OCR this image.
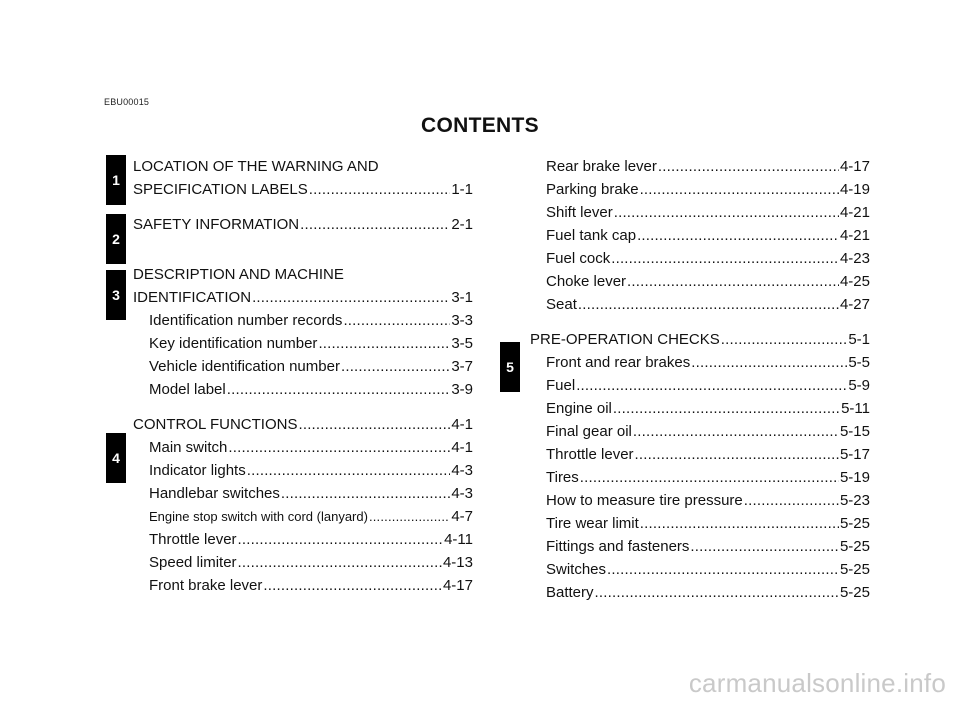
EBU00015
CONTENTS
1
2
3
4
5
LOCATION OF THE WARNING AND
SPECIFICATION LABELS .....	1-1
SAFETY INFORMATION .....	2-1
DESCRIPTION AND MACHINE
IDENTIFICATION .....	3-1
Identification number records .....	3-3
Key identification number .....	3-5
Vehicle identification number .....	3-7
Model label .....	3-9
CONTROL FUNCTIONS .....	4-1
Main switch .....	4-1
Indicator lights .....	4-3
Handlebar switches .....	4-3
Engine stop switch with cord (lanyard) .....	4-7
Throttle lever .....	4-11
Speed limiter .....	4-13
Front brake lever .....	4-17
Rear brake lever .....	4-17
Parking brake .....	4-19
Shift lever .....	4-21
Fuel tank cap .....	4-21
Fuel cock .....	4-23
Choke lever .....	4-25
Seat .....	4-27
PRE-OPERATION CHECKS .....	5-1
Front and rear brakes .....	5-5
Fuel .....	5-9
Engine oil .....	5-11
Final gear oil .....	5-15
Throttle lever .....	5-17
Tires .....	5-19
How to measure tire pressure .....	5-23
Tire wear limit .....	5-25
Fittings and fasteners .....	5-25
Switches .....	5-25
Battery .....	5-25
carmanualsonline.info
